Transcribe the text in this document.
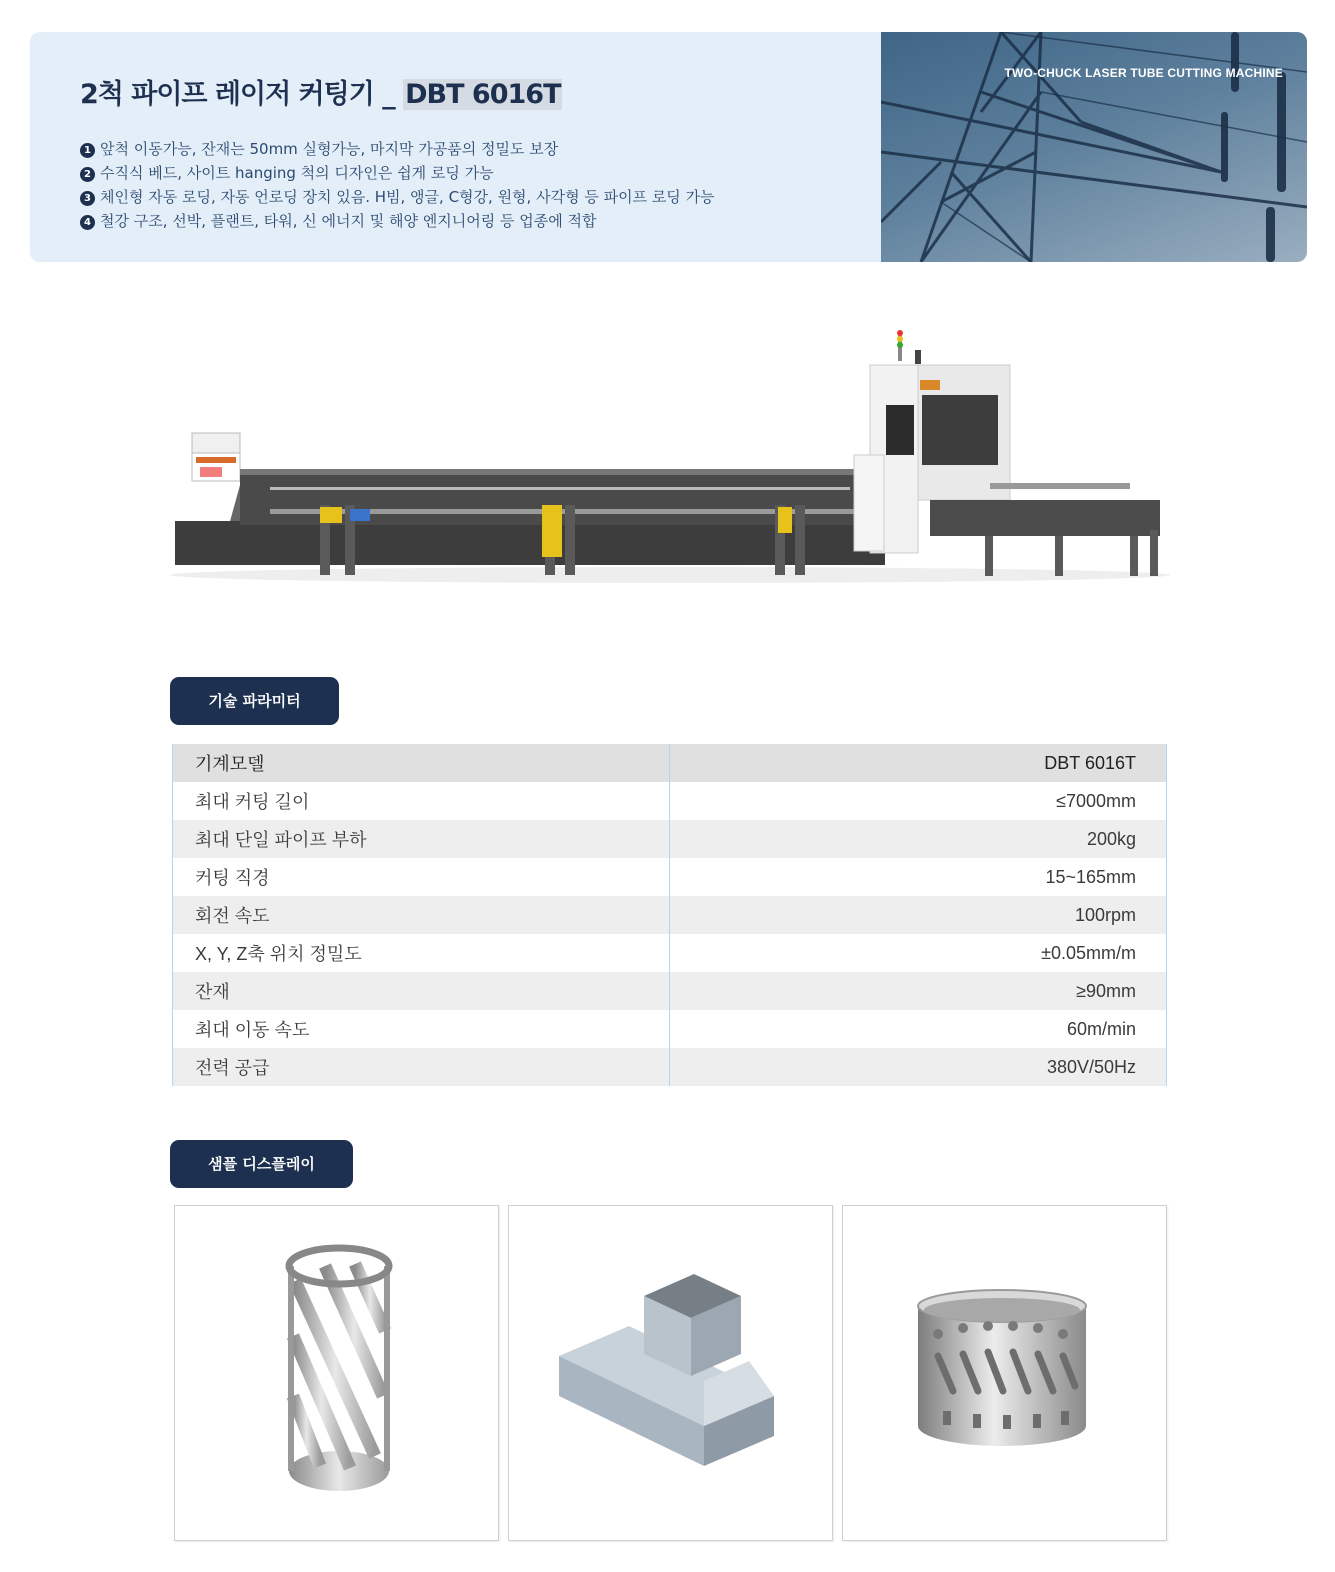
2척 파이프 레이저 커팅기 _ DBT 6016T
1 앞척 이동가능, 잔재는 50mm 실형가능, 마지막 가공품의 정밀도 보장
2 수직식 베드, 사이트 hanging 척의 디자인은 쉽게 로딩 가능
3 체인형 자동 로딩, 자동 언로딩 장치 있음. H빔, 앵글, C형강, 원형, 사각형 등 파이프 로딩 가능
4 철강 구조, 선박, 플랜트, 타워, 신 에너지 및 해양 엔지니어링 등 업종에 적합
TWO-CHUCK LASER TUBE CUTTING MACHINE
기술 파라미터
기계모델	DBT 6016T
최대 커팅 길이	≤7000mm
최대 단일 파이프 부하	200kg
커팅 직경	15~165mm
회전 속도	100rpm
X, Y, Z축 위치 정밀도	±0.05mm/m
잔재	≥90mm
최대 이동 속도	60m/min
전력 공급	380V/50Hz
샘플 디스플레이
